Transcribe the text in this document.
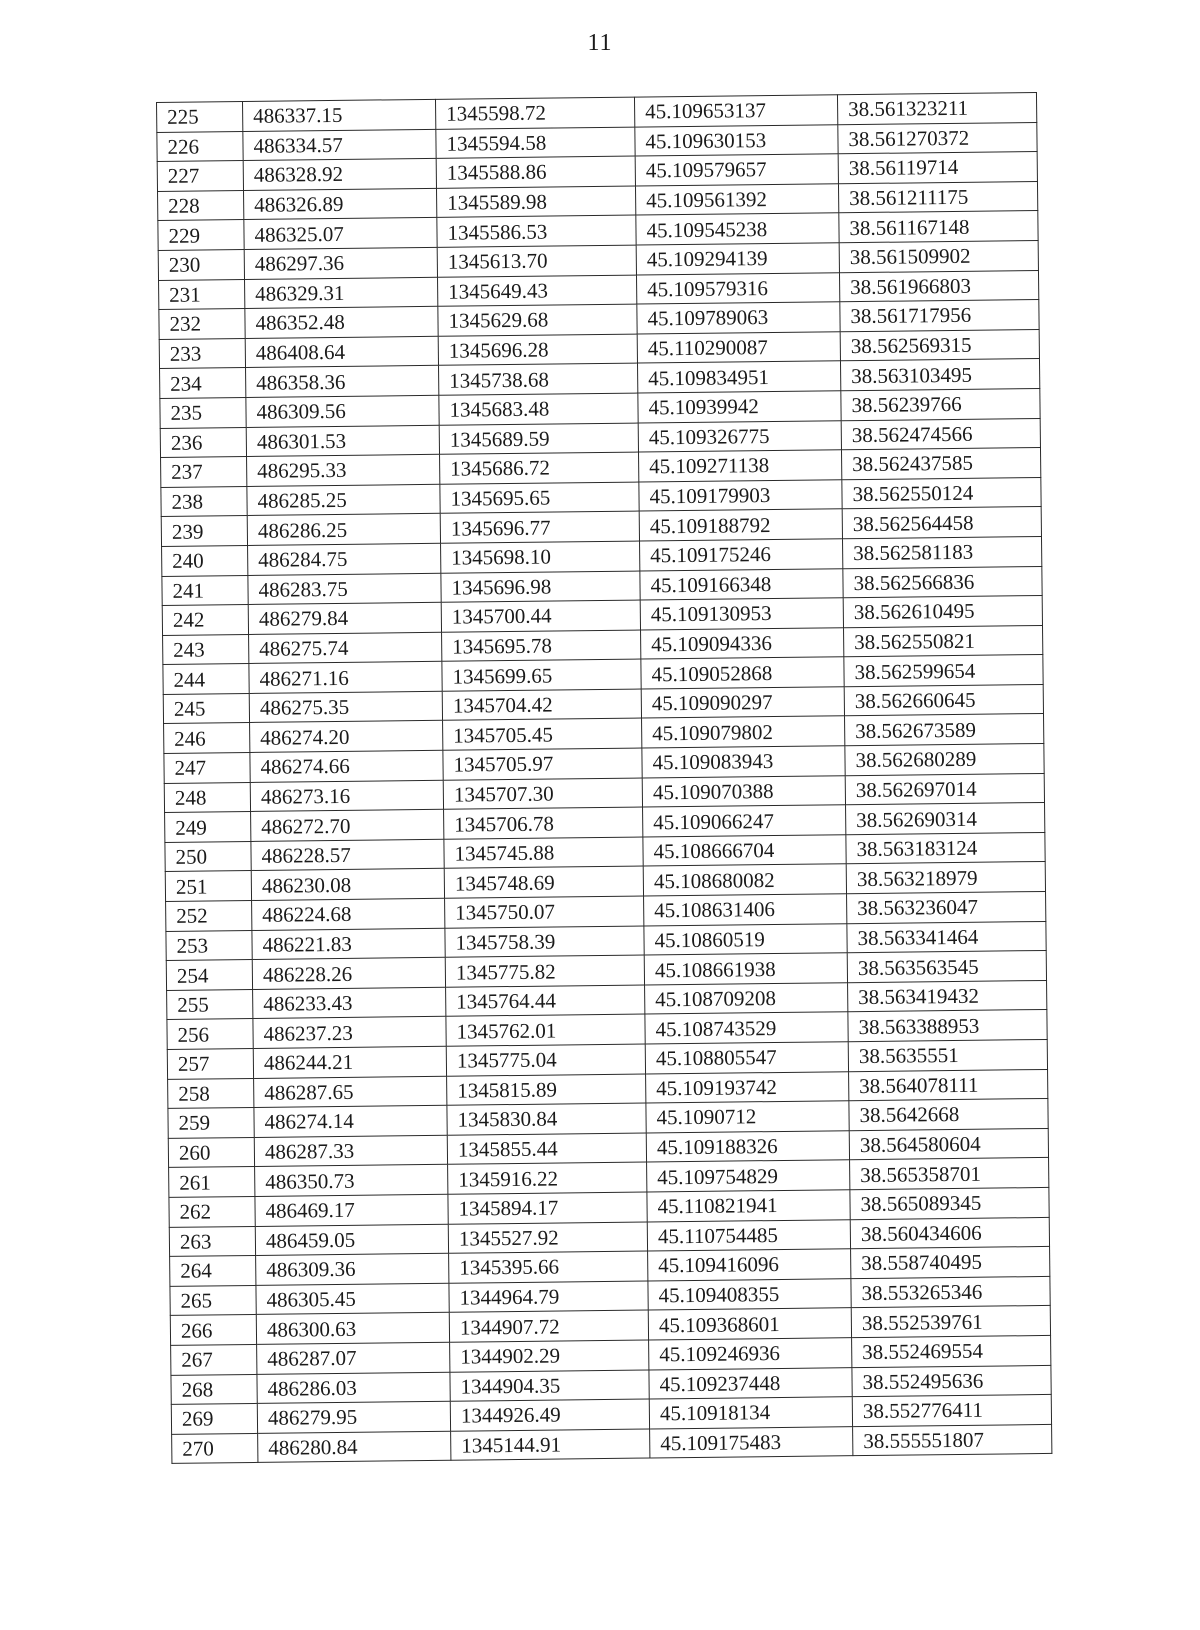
11
225	486337.15	1345598.72	45.109653137	38.561323211
226	486334.57	1345594.58	45.109630153	38.561270372
227	486328.92	1345588.86	45.109579657	38.56119714
228	486326.89	1345589.98	45.109561392	38.561211175
229	486325.07	1345586.53	45.109545238	38.561167148
230	486297.36	1345613.70	45.109294139	38.561509902
231	486329.31	1345649.43	45.109579316	38.561966803
232	486352.48	1345629.68	45.109789063	38.561717956
233	486408.64	1345696.28	45.110290087	38.562569315
234	486358.36	1345738.68	45.109834951	38.563103495
235	486309.56	1345683.48	45.10939942	38.56239766
236	486301.53	1345689.59	45.109326775	38.562474566
237	486295.33	1345686.72	45.109271138	38.562437585
238	486285.25	1345695.65	45.109179903	38.562550124
239	486286.25	1345696.77	45.109188792	38.562564458
240	486284.75	1345698.10	45.109175246	38.562581183
241	486283.75	1345696.98	45.109166348	38.562566836
242	486279.84	1345700.44	45.109130953	38.562610495
243	486275.74	1345695.78	45.109094336	38.562550821
244	486271.16	1345699.65	45.109052868	38.562599654
245	486275.35	1345704.42	45.109090297	38.562660645
246	486274.20	1345705.45	45.109079802	38.562673589
247	486274.66	1345705.97	45.109083943	38.562680289
248	486273.16	1345707.30	45.109070388	38.562697014
249	486272.70	1345706.78	45.109066247	38.562690314
250	486228.57	1345745.88	45.108666704	38.563183124
251	486230.08	1345748.69	45.108680082	38.563218979
252	486224.68	1345750.07	45.108631406	38.563236047
253	486221.83	1345758.39	45.10860519	38.563341464
254	486228.26	1345775.82	45.108661938	38.563563545
255	486233.43	1345764.44	45.108709208	38.563419432
256	486237.23	1345762.01	45.108743529	38.563388953
257	486244.21	1345775.04	45.108805547	38.5635551
258	486287.65	1345815.89	45.109193742	38.564078111
259	486274.14	1345830.84	45.1090712	38.5642668
260	486287.33	1345855.44	45.109188326	38.564580604
261	486350.73	1345916.22	45.109754829	38.565358701
262	486469.17	1345894.17	45.110821941	38.565089345
263	486459.05	1345527.92	45.110754485	38.560434606
264	486309.36	1345395.66	45.109416096	38.558740495
265	486305.45	1344964.79	45.109408355	38.553265346
266	486300.63	1344907.72	45.109368601	38.552539761
267	486287.07	1344902.29	45.109246936	38.552469554
268	486286.03	1344904.35	45.109237448	38.552495636
269	486279.95	1344926.49	45.10918134	38.552776411
270	486280.84	1345144.91	45.109175483	38.555551807
